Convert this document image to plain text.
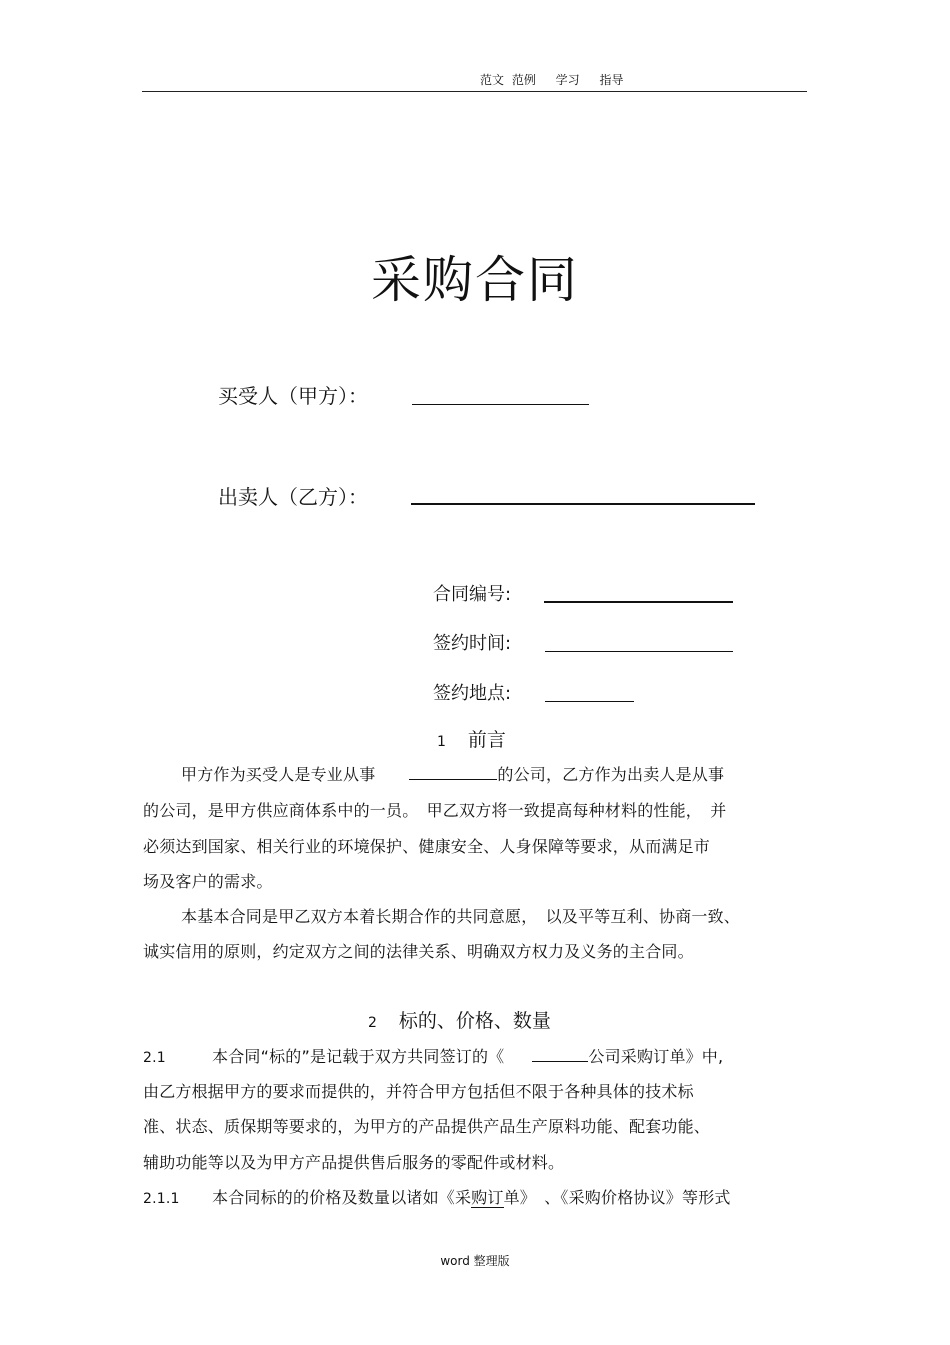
范文 范例　 学习　 指导
采购合同
买受人（甲方）：
出卖人（乙方）：
合同编号:
签约时间:
签约地点:
1 前言
甲方作为买受人是专业从事	的公司，乙方作为出卖人是从事
的公司，是甲方供应商体系中的一员。　甲乙双方将一致提高每种材料的性能，　并
必须达到国家、相关行业的环境保护、健康安全、人身保障等要求，从而满足市
场及客户的需求。
本基本合同是甲乙双方本着长期合作的共同意愿，　以及平等互利、协商一致、
诚实信用的原则，约定双方之间的法律关系、明确双方权力及义务的主合同。
2 标的、价格、数量
2.1	本合同“标的”是记载于双方共同签订的《	公司采购订单》中,
由乙方根据甲方的要求而提供的，并符合甲方包括但不限于各种具体的技术标
准、状态、质保期等要求的，为甲方的产品提供产品生产原料功能、配套功能、
辅助功能等以及为甲方产品提供售后服务的零配件或材料。
2.1.1 本合同标的的价格及数量以诸如《采购订单》　、《采购价格协议》等形式
word 整理版
